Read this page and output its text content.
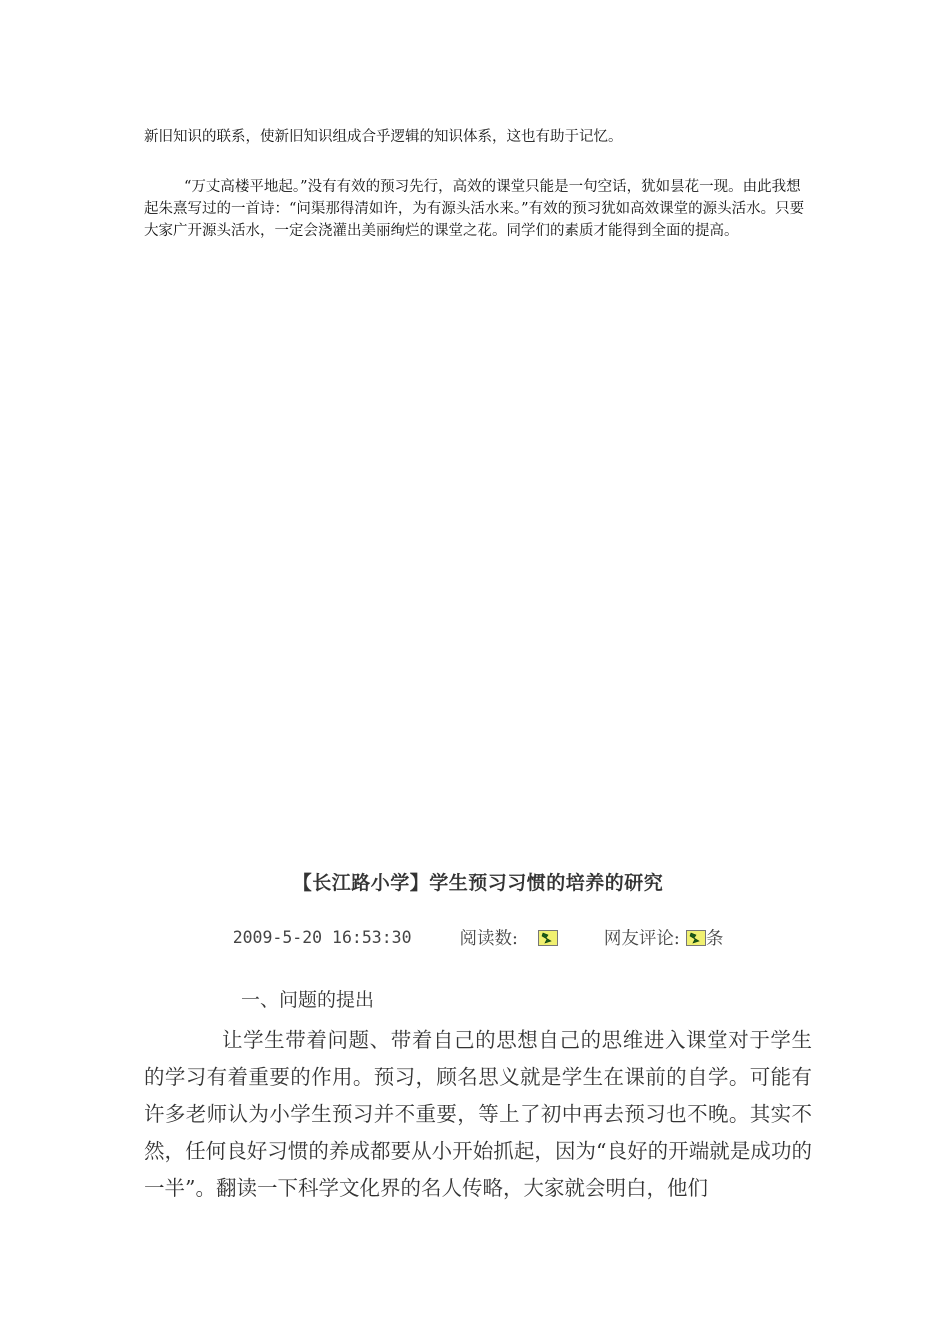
新旧知识的联系，使新旧知识组成合乎逻辑的知识体系，这也有助于记忆。

“万丈高楼平地起。”没有有效的预习先行，高效的课堂只能是一句空话，犹如昙花一现。由此我想起朱熹写过的一首诗：“问渠那得清如许，为有源头活水来。”有效的预习犹如高效课堂的源头活水。只要大家广开源头活水，一定会浇灌出美丽绚烂的课堂之花。同学们的素质才能得到全面的提高。

【长江路小学】学生预习习惯的培养的研究
2009-5-20 16:53:30	阅读数:	网友评论: 条
一、问题的提出

让学生带着问题、带着自己的思想自己的思维进入课堂对于学生的学习有着重要的作用。预习，顾名思义就是学生在课前的自学。可能有许多老师认为小学生预习并不重要，等上了初中再去预习也不晚。其实不然，任何良好习惯的养成都要从小开始抓起，因为“良好的开端就是成功的一半”。翻读一下科学文化界的名人传略，大家就会明白，他们
